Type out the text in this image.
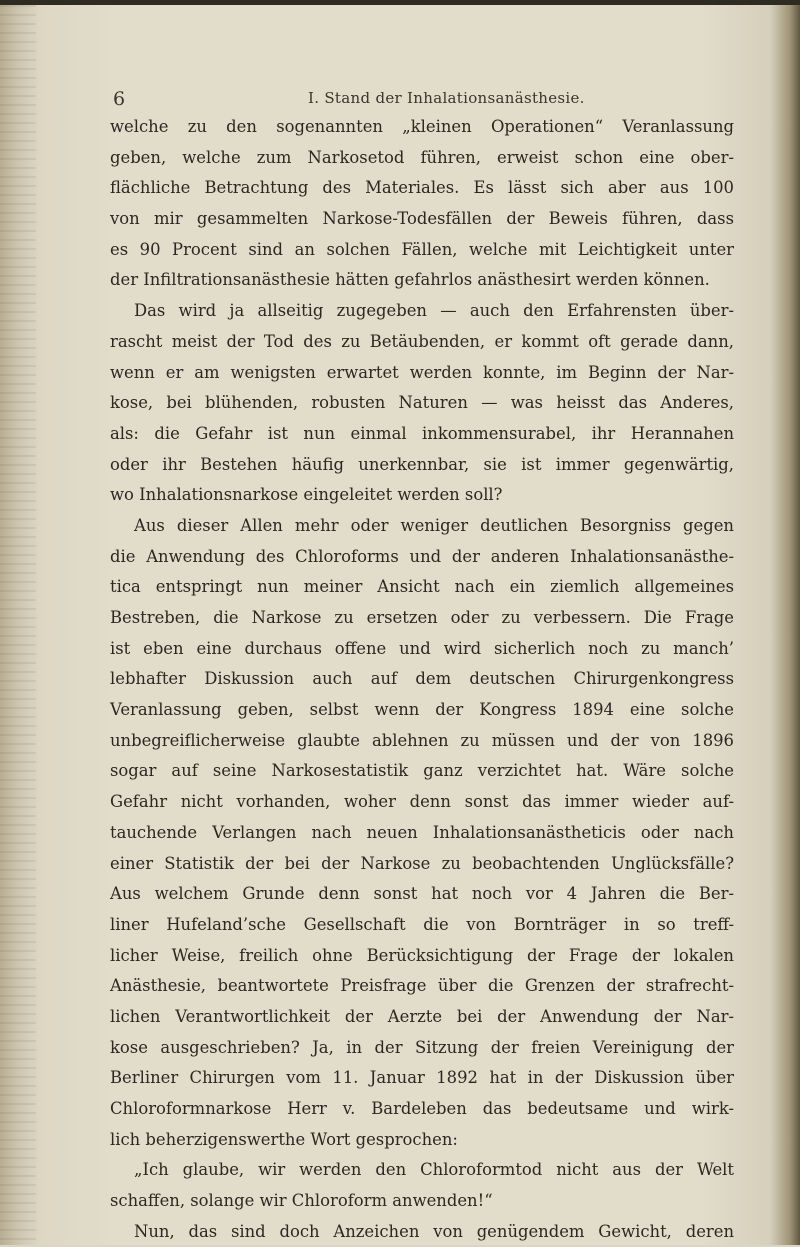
6	I. Stand der Inhalationsanästhesie.
welche zu den sogenannten „kleinen Operationen“ Veranlassung
geben, welche zum Narkosetod führen, erweist schon eine ober-
flächliche Betrachtung des Materiales. Es lässt sich aber aus 100
von mir gesammelten Narkose-Todesfällen der Beweis führen, dass
es 90 Procent sind an solchen Fällen, welche mit Leichtigkeit unter
der Infiltrationsanästhesie hätten gefahrlos anästhesirt werden können.
Das wird ja allseitig zugegeben — auch den Erfahrensten über-
rascht meist der Tod des zu Betäubenden, er kommt oft gerade dann,
wenn er am wenigsten erwartet werden konnte, im Beginn der Nar-
kose, bei blühenden, robusten Naturen — was heisst das Anderes,
als: die Gefahr ist nun einmal inkommensurabel, ihr Herannahen
oder ihr Bestehen häufig unerkennbar, sie ist immer gegenwärtig,
wo Inhalationsnarkose eingeleitet werden soll?
Aus dieser Allen mehr oder weniger deutlichen Besorgniss gegen
die Anwendung des Chloroforms und der anderen Inhalationsanästhe-
tica entspringt nun meiner Ansicht nach ein ziemlich allgemeines
Bestreben, die Narkose zu ersetzen oder zu verbessern. Die Frage
ist eben eine durchaus offene und wird sicherlich noch zu manch’
lebhafter Diskussion auch auf dem deutschen Chirurgenkongress
Veranlassung geben, selbst wenn der Kongress 1894 eine solche
unbegreiflicherweise glaubte ablehnen zu müssen und der von 1896
sogar auf seine Narkosestatistik ganz verzichtet hat. Wäre solche
Gefahr nicht vorhanden, woher denn sonst das immer wieder auf-
tauchende Verlangen nach neuen Inhalationsanästheticis oder nach
einer Statistik der bei der Narkose zu beobachtenden Unglücksfälle?
Aus welchem Grunde denn sonst hat noch vor 4 Jahren die Ber-
liner Hufeland’sche Gesellschaft die von Bornträger in so treff-
licher Weise, freilich ohne Berücksichtigung der Frage der lokalen
Anästhesie, beantwortete Preisfrage über die Grenzen der strafrecht-
lichen Verantwortlichkeit der Aerzte bei der Anwendung der Nar-
kose ausgeschrieben? Ja, in der Sitzung der freien Vereinigung der
Berliner Chirurgen vom 11. Januar 1892 hat in der Diskussion über
Chloroformnarkose Herr v. Bardeleben das bedeutsame und wirk-
lich beherzigenswerthe Wort gesprochen:
„Ich glaube, wir werden den Chloroformtod nicht aus der Welt
schaffen, solange wir Chloroform anwenden!“
Nun, das sind doch Anzeichen von genügendem Gewicht, deren
